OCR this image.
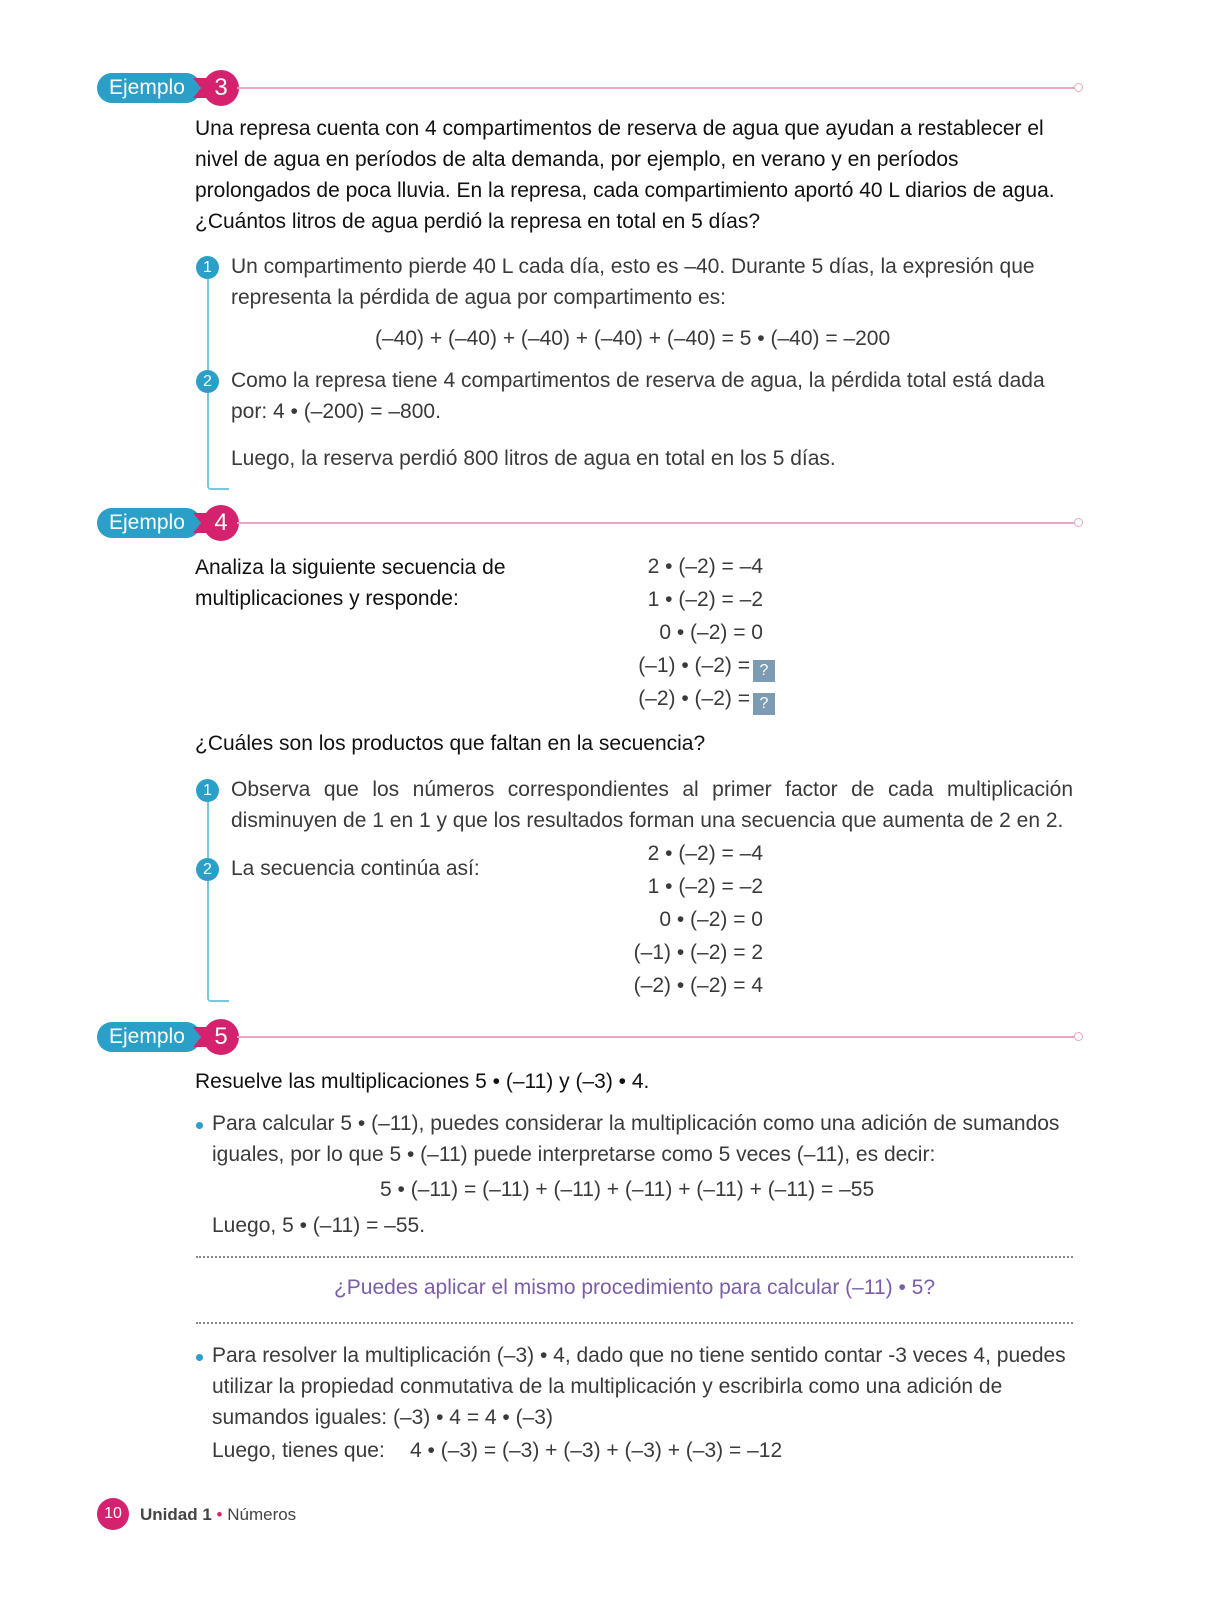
Ejemplo	3
Una represa cuenta con 4 compartimentos de reserva de agua que ayudan a restablecer el nivel de agua en períodos de alta demanda, por ejemplo, en verano y en períodos prolongados de poca lluvia. En la represa, cada compartimiento aportó 40 L diarios de agua. ¿Cuántos litros de agua perdió la represa en total en 5 días?
1 Un compartimento pierde 40 L cada día, esto es –40. Durante 5 días, la expresión que representa la pérdida de agua por compartimento es:
(–40) + (–40) + (–40) + (–40) + (–40) = 5 • (–40) = –200
2 Como la represa tiene 4 compartimentos de reserva de agua, la pérdida total está dada por: 4 • (–200) = –800.
Luego, la reserva perdió 800 litros de agua en total en los 5 días.
Ejemplo	4
Analiza la siguiente secuencia de multiplicaciones y responde:
2 • (–2) = –4
1 • (–2) = –2
0 • (–2) = 0
(–1) • (–2) = ?
(–2) • (–2) = ?
¿Cuáles son los productos que faltan en la secuencia?
1 Observa que los números correspondientes al primer factor de cada multiplicación disminuyen de 1 en 1 y que los resultados forman una secuencia que aumenta de 2 en 2.
2 La secuencia continúa así:
2 • (–2) = –4
1 • (–2) = –2
0 • (–2) = 0
(–1) • (–2) = 2
(–2) • (–2) = 4
Ejemplo	5
Resuelve las multiplicaciones 5 • (–11) y (–3) • 4.
Para calcular 5 • (–11), puedes considerar la multiplicación como una adición de sumandos iguales, por lo que 5 • (–11) puede interpretarse como 5 veces (–11), es decir:
5 • (–11) = (–11) + (–11) + (–11) + (–11) + (–11) = –55
Luego, 5 • (–11) = –55.
¿Puedes aplicar el mismo procedimiento para calcular (–11) • 5?
Para resolver la multiplicación (–3) • 4, dado que no tiene sentido contar -3 veces 4, puedes utilizar la propiedad conmutativa de la multiplicación y escribirla como una adición de sumandos iguales: (–3) • 4 = 4 • (–3)
Luego, tienes que: 4 • (–3) = (–3) + (–3) + (–3) + (–3) = –12
10	Unidad 1 • Números
